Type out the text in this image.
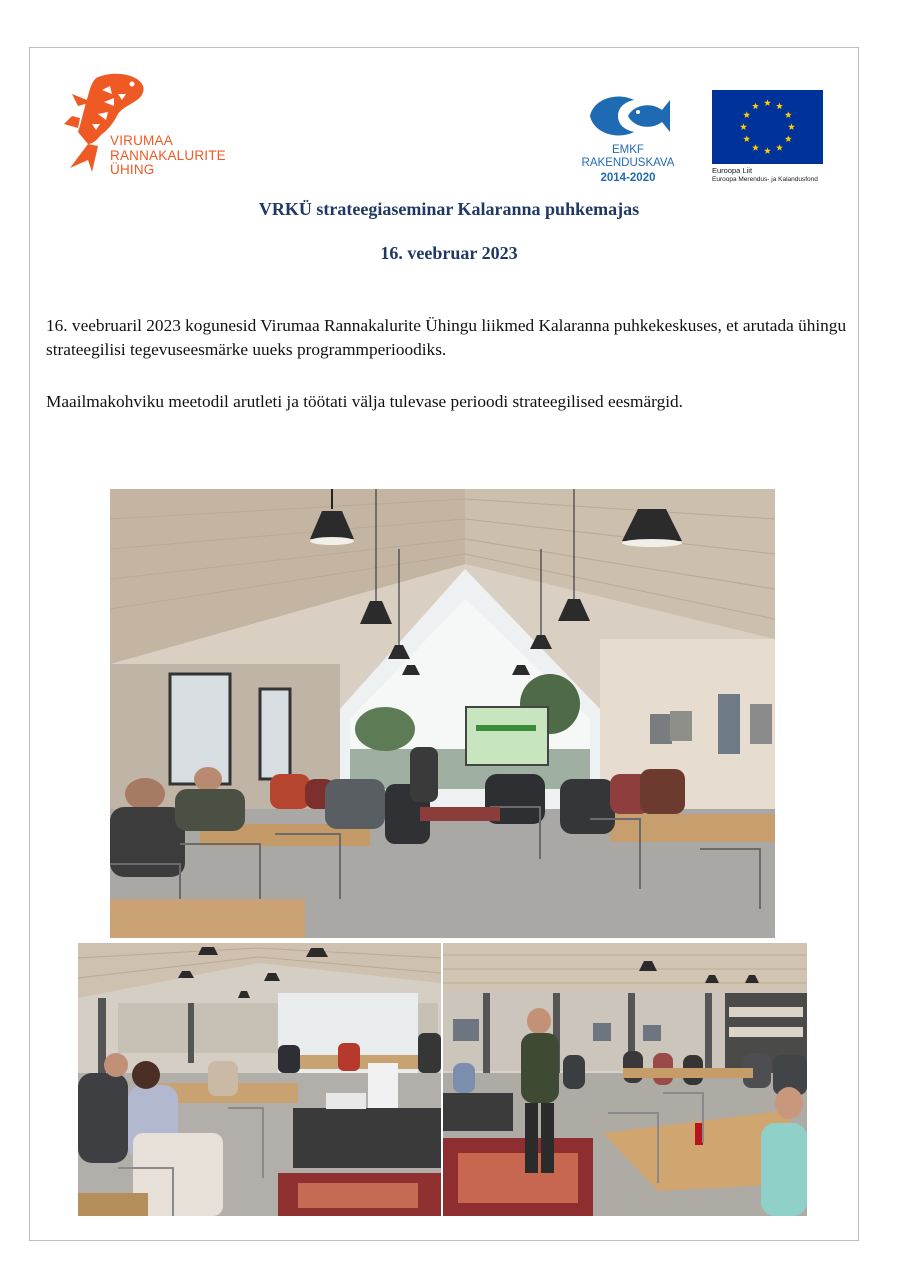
VIRUMAA
RANNAKALURITE
ÜHING
EMKF
RAKENDUSKAVA
2014-2020
Euroopa Liit
Euroopa Merendus- ja Kalandusfond
VRKÜ strateegiaseminar Kalaranna puhkemajas
16. veebruar 2023

16. veebruaril 2023 kogunesid Virumaa Rannakalurite Ühingu liikmed Kalaranna puhkekeskuses, et arutada ühingu strateegilisi tegevuseesmärke uueks programmperioodiks.

Maailmakohviku meetodil arutleti ja töötati välja tulevase perioodi strateegilised eesmärgid.
